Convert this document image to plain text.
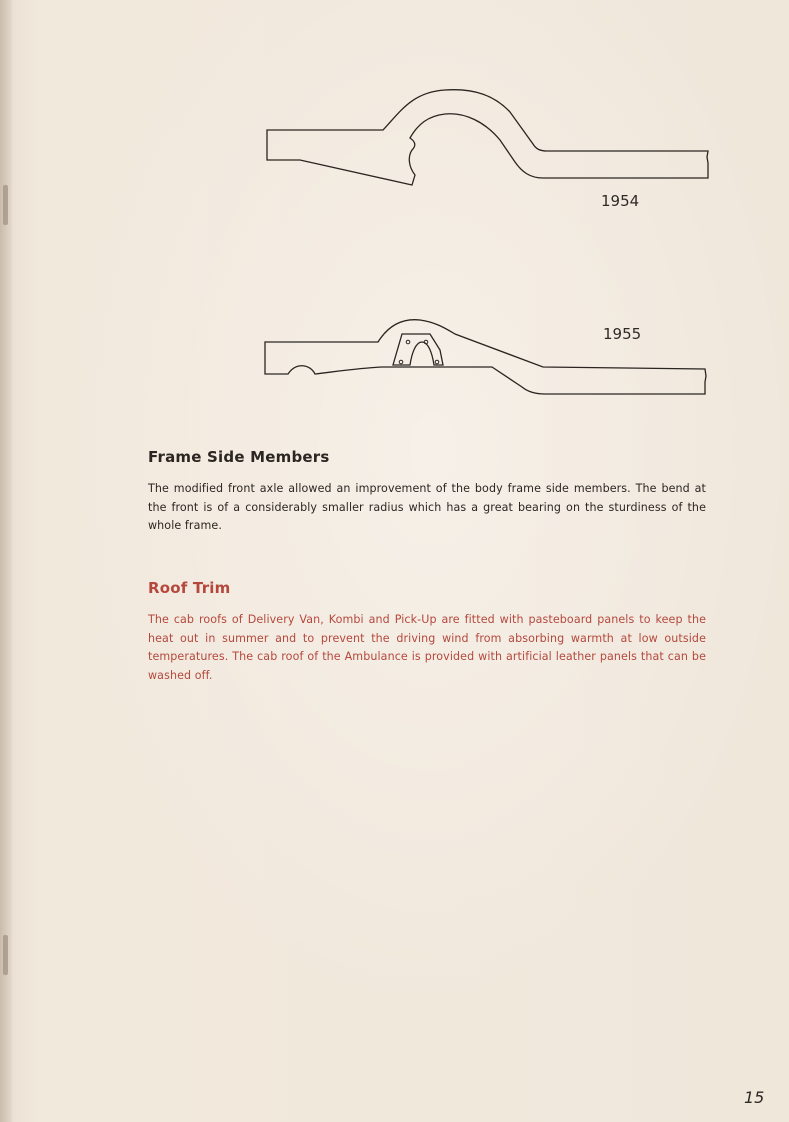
1954
1955
Frame Side Members
The modified front axle allowed an improvement of the body frame side members. The bend at the front is of a considerably smaller radius which has a great bearing on the sturdiness of the whole frame.
Roof Trim
The cab roofs of Delivery Van, Kombi and Pick-Up are fitted with pasteboard panels to keep the heat out in summer and to prevent the driving wind from absorbing warmth at low outside temperatures. The cab roof of the Ambulance is provided with artificial leather panels that can be washed off.
15
